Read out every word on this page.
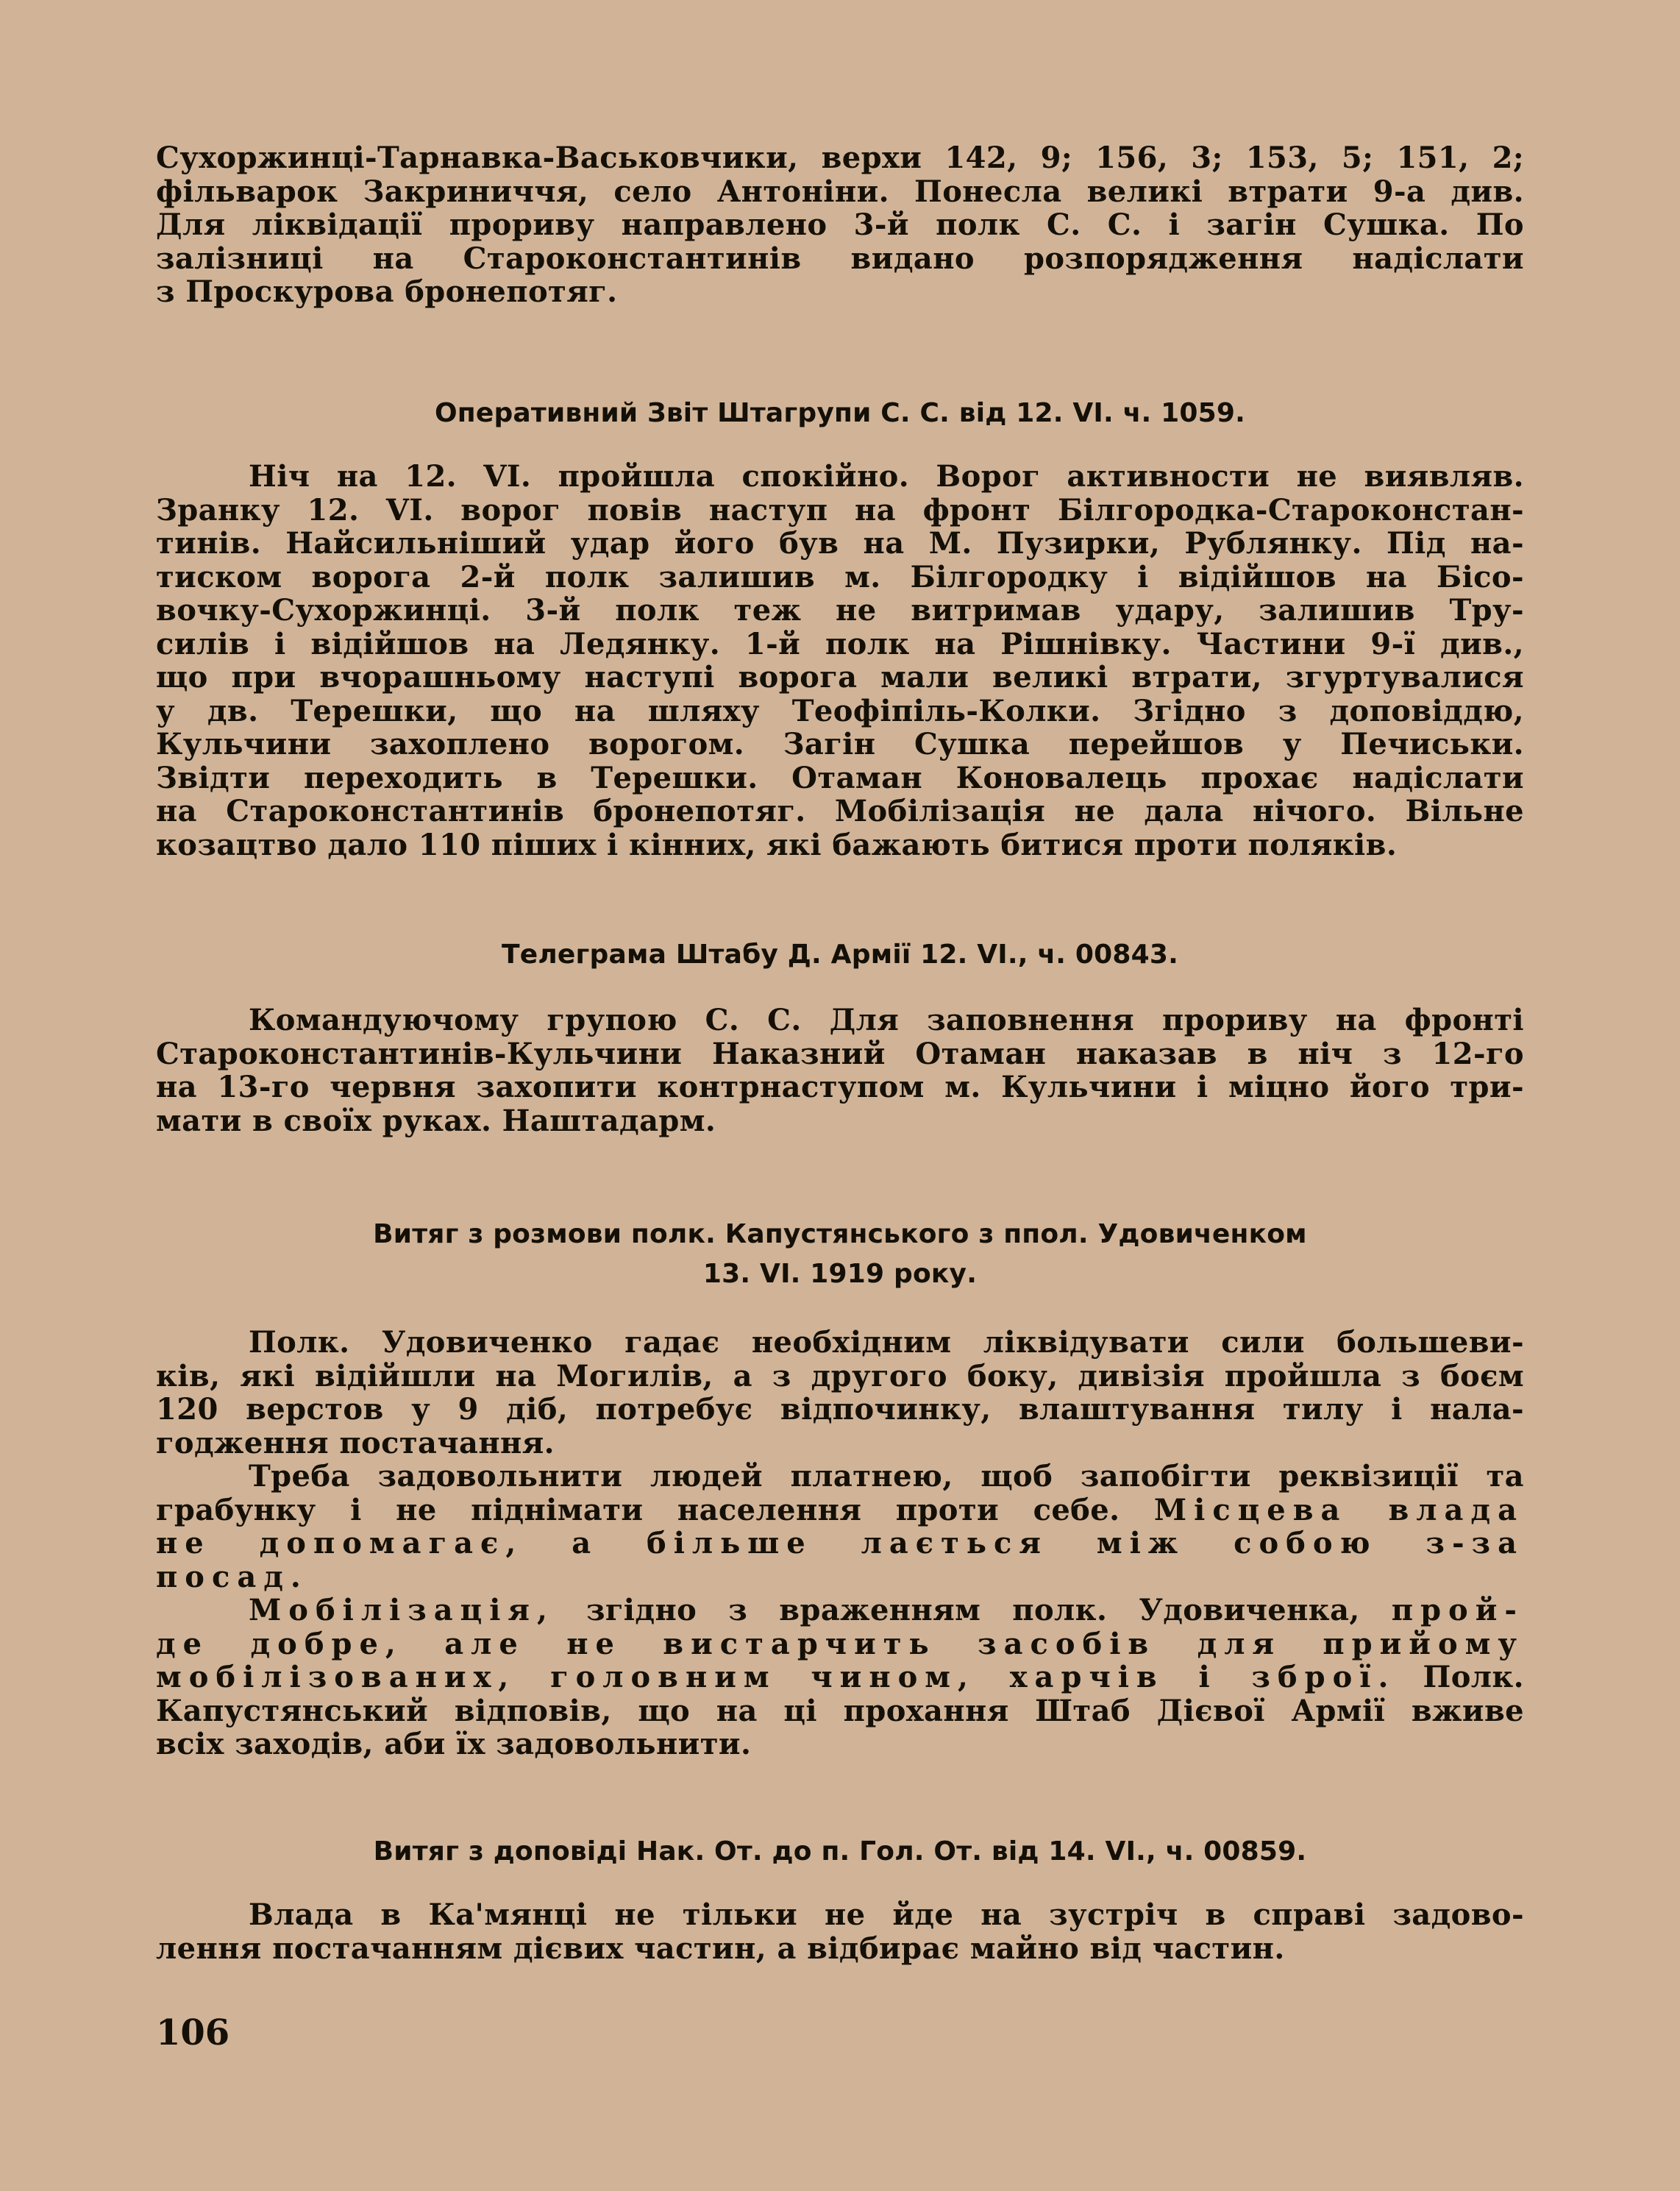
Сухоржинці-Тарнавка-Васьковчики, верхи 142, 9; 156, 3; 153, 5; 151, 2;
фільварок Закриниччя, село Антоніни. Понесла великі втрати 9-а див.
Для ліквідації прориву направлено 3-й полк С. С. і загін Сушка. По
залізниці на Староконстантинів видано розпорядження надіслати
з Проскурова бронепотяг.
Оперативний Звіт Штагрупи С. С. від 12. VI. ч. 1059.
Ніч на 12. VI. пройшла спокійно. Ворог активности не виявляв.
Зранку 12. VI. ворог повів наступ на фронт Білгородка-Староконстан-
тинів. Найсильніший удар його був на М. Пузирки, Рублянку. Під на-
тиском ворога 2-й полк залишив м. Білгородку і відійшов на Бісо-
вочку-Сухоржинці. 3-й полк теж не витримав удару, залишив Тру-
силів і відійшов на Ледянку. 1-й полк на Рішнівку. Частини 9-ї див.,
що при вчорашньому наступі ворога мали великі втрати, згуртувалися
у дв. Терешки, що на шляху Теофіпіль-Колки. Згідно з доповіддю,
Кульчини захоплено ворогом. Загін Сушка перейшов у Печиськи.
Звідти переходить в Терешки. Отаман Коновалець прохає надіслати
на Староконстантинів бронепотяг. Мобілізація не дала нічого. Вільне
козацтво дало 110 піших і кінних, які бажають битися проти поляків.
Телеграма Штабу Д. Армії 12. VI., ч. 00843.
Командуючому групою С. С. Для заповнення прориву на фронті
Староконстантинів-Кульчини Наказний Отаман наказав в ніч з 12-го
на 13-го червня захопити контрнаступом м. Кульчини і міцно його три-
мати в своїх руках. Наштадарм.
Витяг з розмови полк. Капустянського з ппол. Удовиченком
13. VI. 1919 року.
Полк. Удовиченко гадає необхідним ліквідувати сили большеви-
ків, які відійшли на Могилів, а з другого боку, дивізія пройшла з боєм
120 верстов у 9 діб, потребує відпочинку, влаштування тилу і нала-
годження постачання.
Треба задовольнити людей платнею, щоб запобігти реквізиції та
грабунку і не піднімати населення проти себе. Місцева влада
не допомагає, а більше лається між собою з-за
посад.
Мобілізація, згідно з враженням полк. Удовиченка, прой-
де добре, але не вистарчить засобів для прийому
мобілізованих, головним чином, харчів і зброї. Полк.
Капустянський відповів, що на ці прохання Штаб Дієвої Армії вживе
всіх заходів, аби їх задовольнити.
Витяг з доповіді Нак. От. до п. Гол. От. від 14. VI., ч. 00859.
Влада в Ка'мянці не тільки не йде на зустріч в справі задово-
лення постачанням дієвих частин, а відбирає майно від частин.
106
